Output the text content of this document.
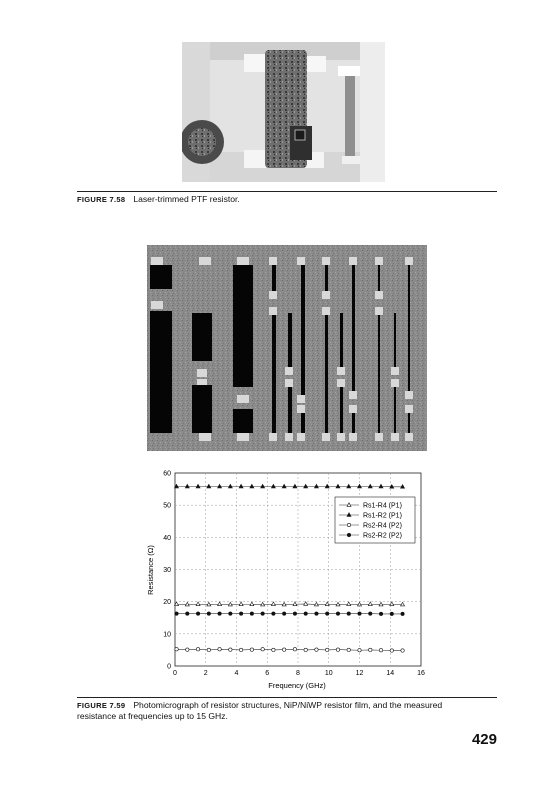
FIGURE 7.58 Laser-trimmed PTF resistor.
0	2	4	6	8	10	12	14	16
0
10
20
30
40
50
60
Rs1-R4 (P1)
Rs1-R2 (P1)
Rs2-R4 (P2)
Rs2-R2 (P2)
Frequency (GHz)
Resistance (Ω)
FIGURE 7.59 Photomicrograph of resistor structures, NiP/NiWP resistor film, and the measured
resistance at frequencies up to 15 GHz.
429
